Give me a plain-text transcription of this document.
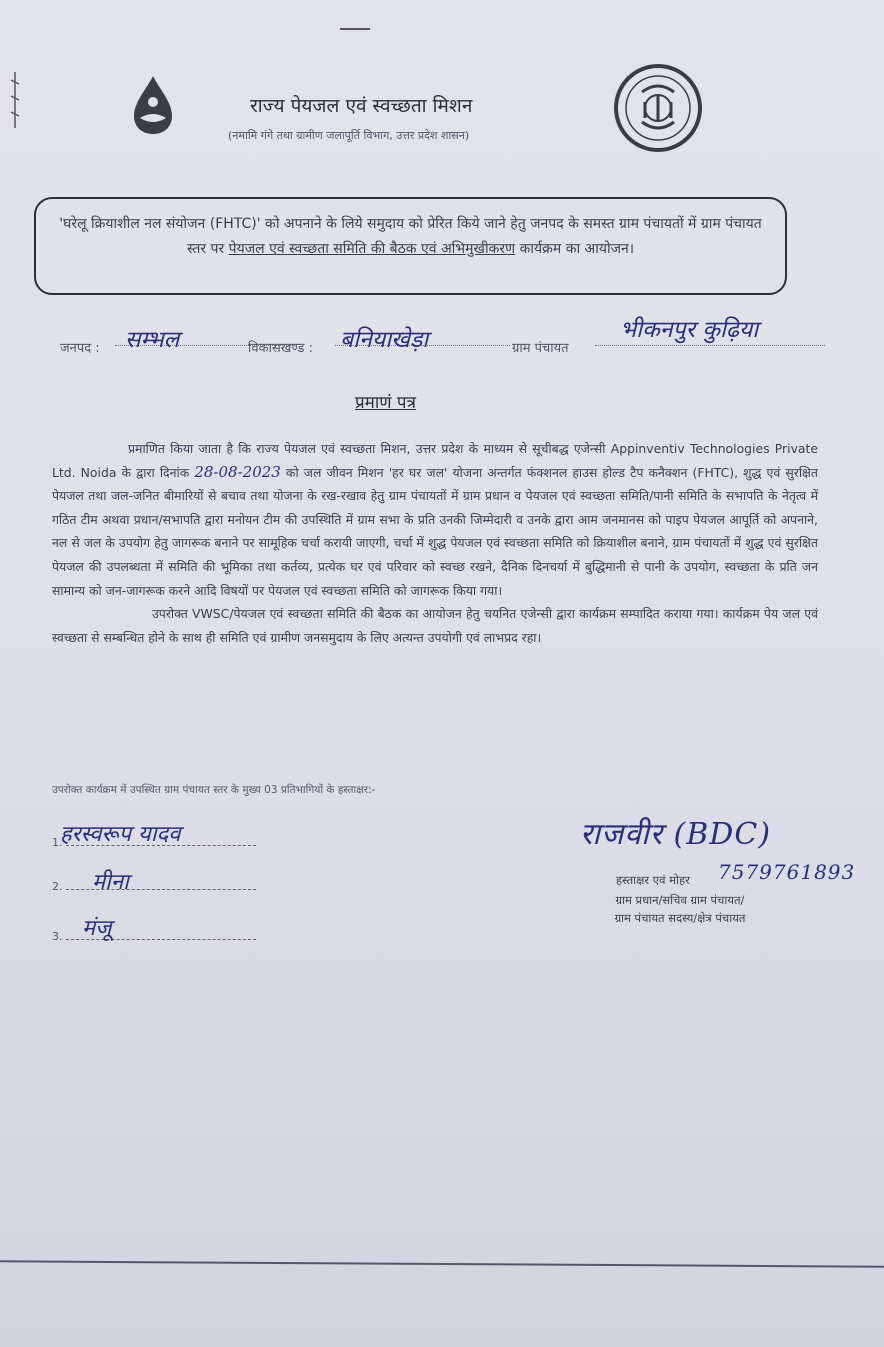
राज्य पेयजल एवं स्वच्छता मिशन
(नमामि गंगे तथा ग्रामीण जलापूर्ति विभाग, उत्तर प्रदेश शासन)

'घरेलू क्रियाशील नल संयोजन (FHTC)' को अपनाने के लिये समुदाय को प्रेरित किये जाने हेतु जनपद के समस्त ग्राम पंचायतों में ग्राम पंचायत स्तर पर पेयजल एवं स्वच्छता समिति की बैठक एवं अभिमुखीकरण कार्यक्रम का आयोजन।

जनपद : सम्भल	विकासखण्ड : बनियाखेड़ा	ग्राम पंचायत
भीकनपुर कुढ़िया
प्रमाणं पत्र

प्रमाणित किया जाता है कि राज्य पेयजल एवं स्वच्छता मिशन, उत्तर प्रदेश के माध्यम से सूचीबद्ध एजेन्सी Appinventiv Technologies Private Ltd. Noida के द्वारा दिनांक 28-08-2023 को जल जीवन मिशन 'हर घर जल' योजना अन्तर्गत फंक्शनल हाउस होल्ड टैप कनैक्शन (FHTC), शुद्ध एवं सुरक्षित पेयजल तथा जल-जनित बीमारियों से बचाव तथा योजना के रख-रखाव हेतु ग्राम पंचायतों में ग्राम प्रधान व पेयजल एवं स्वच्छता समिति/पानी समिति के सभापति के नेतृत्व में गठित टीम अथवा प्रधान/सभापति द्वारा मनोयन टीम की उपस्थिति में ग्राम सभा के प्रति उनकी जिम्मेदारी व उनके द्वारा आम जनमानस को पाइप पेयजल आपूर्ति को अपनाने, नल से जल के उपयोग हेतु जागरूक बनाने पर सामूहिक चर्चा करायी जाएगी, चर्चा में शुद्ध पेयजल एवं स्वच्छता समिति को क्रियाशील बनाने, ग्राम पंचायतों में शुद्ध एवं सुरक्षित पेयजल की उपलब्धता में समिति की भूमिका तथा कर्तव्य, प्रत्येक घर एवं परिवार को स्वच्छ रखने, दैनिक दिनचर्या में बुद्धिमानी से पानी के उपयोग, स्वच्छता के प्रति जन सामान्य को जन-जागरूक करने आदि विषयों पर पेयजल एवं स्वच्छता समिति को जागरूक किया गया।

उपरोक्त VWSC/पेयजल एवं स्वच्छता समिति की बैठक का आयोजन हेतु चयनित एजेन्सी द्वारा कार्यक्रम सम्पादित कराया गया। कार्यक्रम पेय जल एवं स्वच्छता से सम्बन्धित होने के साथ ही समिति एवं ग्रामीण जनसमुदाय के लिए अत्यन्त उपयोगी एवं लाभप्रद रहा।

उपरोक्त कार्यक्रम में उपस्थित ग्राम पंचायत स्तर के मुख्य 03 प्रतिभागियों के हस्ताक्षर:-
1.
हरस्वरूप यादव
2.	मीना
3. मंजू
राजवीर (BDC)
7579761893
हस्ताक्षर एवं मोहर
ग्राम प्रधान/सचिव ग्राम पंचायत/
ग्राम पंचायत सदस्य/क्षेत्र पंचायत
